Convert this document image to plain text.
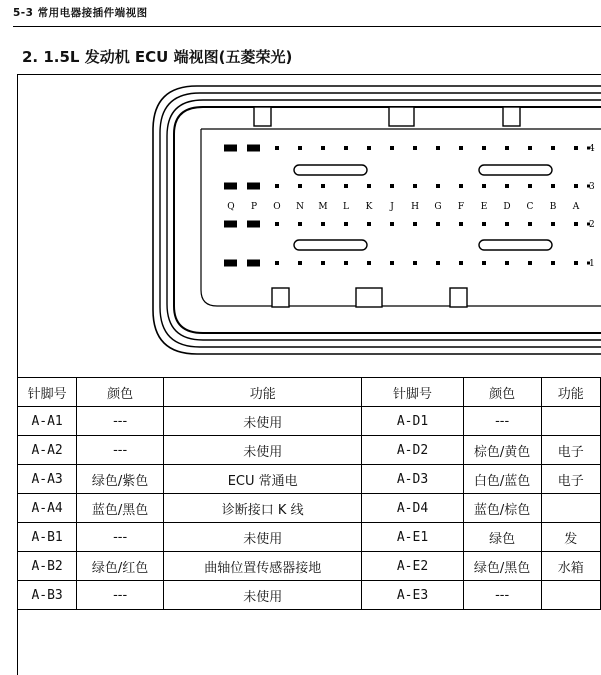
5-3 常用电器接插件端视图
2. 1.5L 发动机 ECU 端视图(五菱荣光)
Q P O N M L K J H G F E D C B A
4
3
2
1
针脚号	颜色	功能	针脚号	颜色	功能
A-A1	---	未使用	A-D1	---	
A-A2	---	未使用	A-D2	棕色/黄色	电子
A-A3	绿色/紫色	ECU 常通电	A-D3	白色/蓝色	电子
A-A4	蓝色/黑色	诊断接口 K 线	A-D4	蓝色/棕色	
A-B1	---	未使用	A-E1	绿色	发
A-B2	绿色/红色	曲轴位置传感器接地	A-E2	绿色/黑色	水箱
A-B3	---	未使用	A-E3	---	
